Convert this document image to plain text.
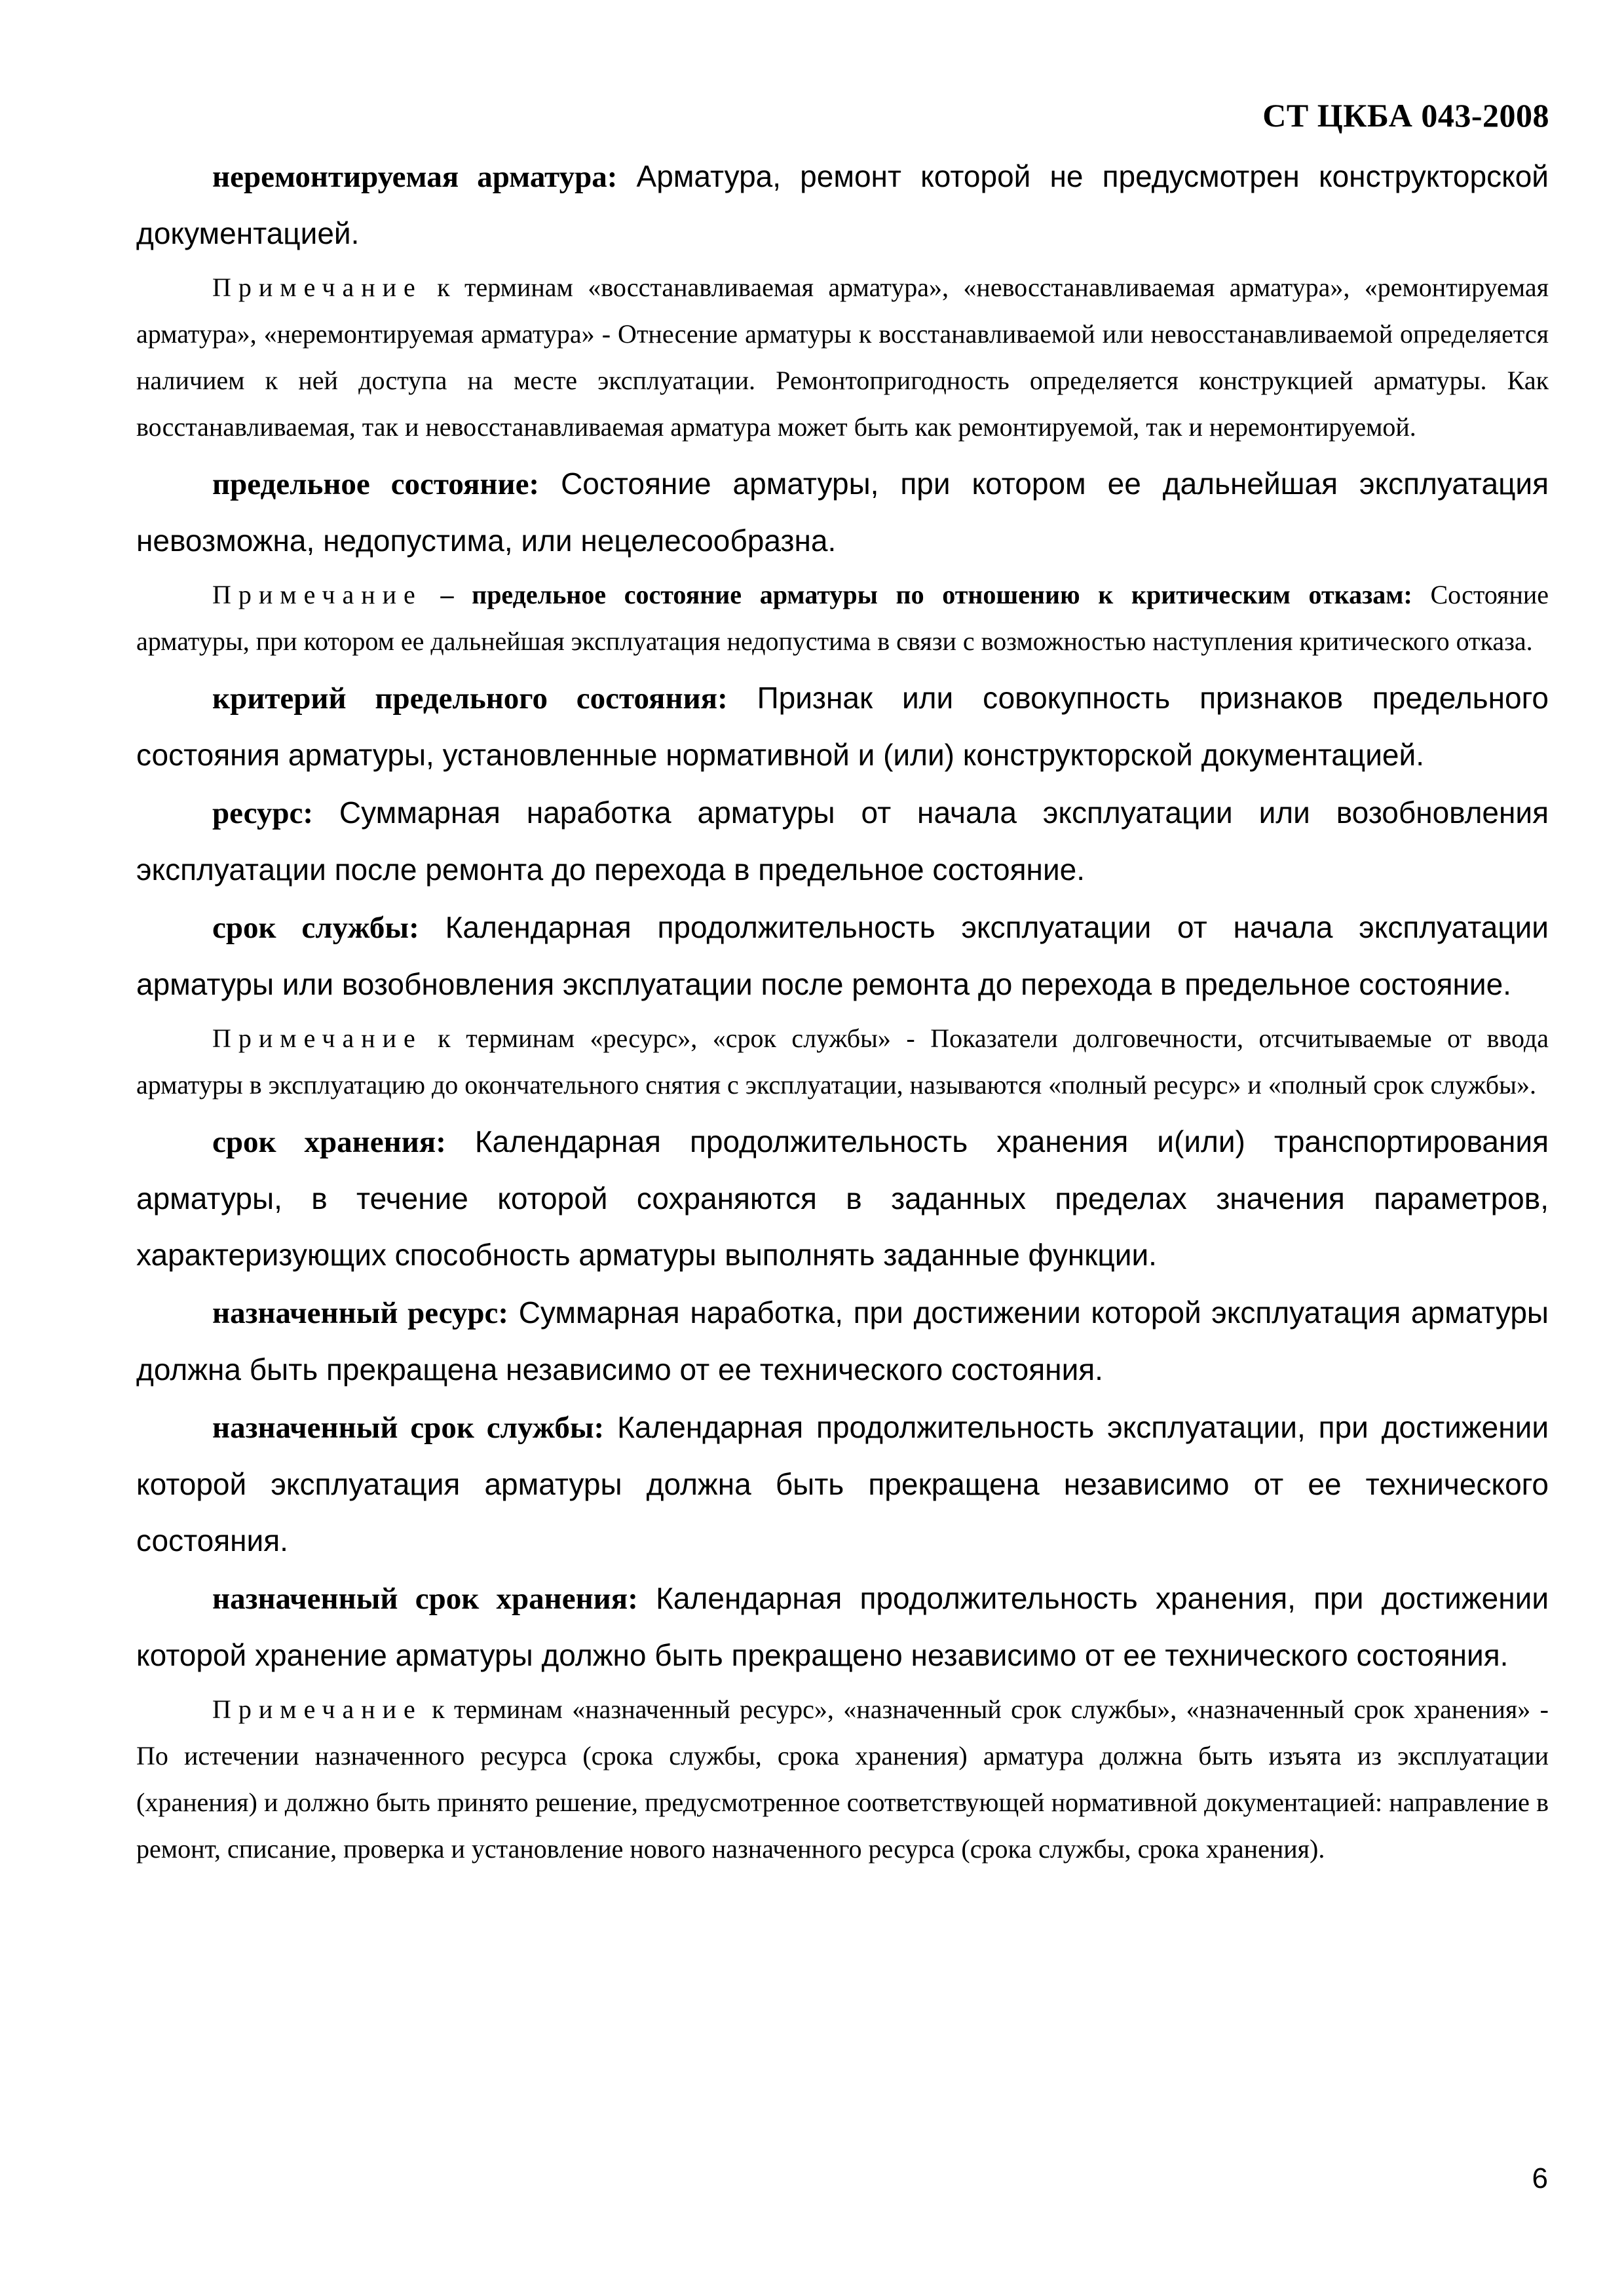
СТ ЦКБА 043-2008

неремонтируемая арматура: Арматура, ремонт которой не предусмотрен конструкторской документацией.

Примечание к терминам «восстанавливаемая арматура», «невосстанавливаемая арматура», «ремонтируемая арматура», «неремонтируемая арматура» - Отнесение арматуры к восстанавливаемой или невосстанавливаемой определяется наличием к ней доступа на месте эксплуатации. Ремонтопригодность определяется конструкцией арматуры. Как восстанавливаемая, так и невосстанавливаемая арматура может быть как ремонтируемой, так и неремонтируемой.

предельное состояние: Состояние арматуры, при котором ее дальнейшая эксплуатация невозможна, недопустима, или нецелесообразна.

Примечание – предельное состояние арматуры по отношению к критическим отказам: Состояние арматуры, при котором ее дальнейшая эксплуатация недопустима в связи с возможностью наступления критического отказа.

критерий предельного состояния: Признак или совокупность признаков предельного состояния арматуры, установленные нормативной и (или) конструкторской документацией.

ресурс: Суммарная наработка арматуры от начала эксплуатации или возобновления эксплуатации после ремонта до перехода в предельное состояние.

срок службы: Календарная продолжительность эксплуатации от начала эксплуатации арматуры или возобновления эксплуатации после ремонта до перехода в предельное состояние.

Примечание к терминам «ресурс», «срок службы» - Показатели долговечности, отсчитываемые от ввода арматуры в эксплуатацию до окончательного снятия с эксплуатации, называются «полный ресурс» и «полный срок службы».

срок хранения: Календарная продолжительность хранения и(или) транспортирования арматуры, в течение которой сохраняются в заданных пределах значения параметров, характеризующих способность арматуры выполнять заданные функции.

назначенный ресурс: Суммарная наработка, при достижении которой эксплуатация арматуры должна быть прекращена независимо от ее технического состояния.

назначенный срок службы: Календарная продолжительность эксплуатации, при достижении которой эксплуатация арматуры должна быть прекращена независимо от ее технического состояния.

назначенный срок хранения: Календарная продолжительность хранения, при достижении которой хранение арматуры должно быть прекращено независимо от ее технического состояния.

Примечание к терминам «назначенный ресурс», «назначенный срок службы», «назначенный срок хранения» - По истечении назначенного ресурса (срока службы, срока хранения) арматура должна быть изъята из эксплуатации (хранения) и должно быть принято решение, предусмотренное соответствующей нормативной документацией: направление в ремонт, списание, проверка и установление нового назначенного ресурса (срока службы, срока хранения).

6
